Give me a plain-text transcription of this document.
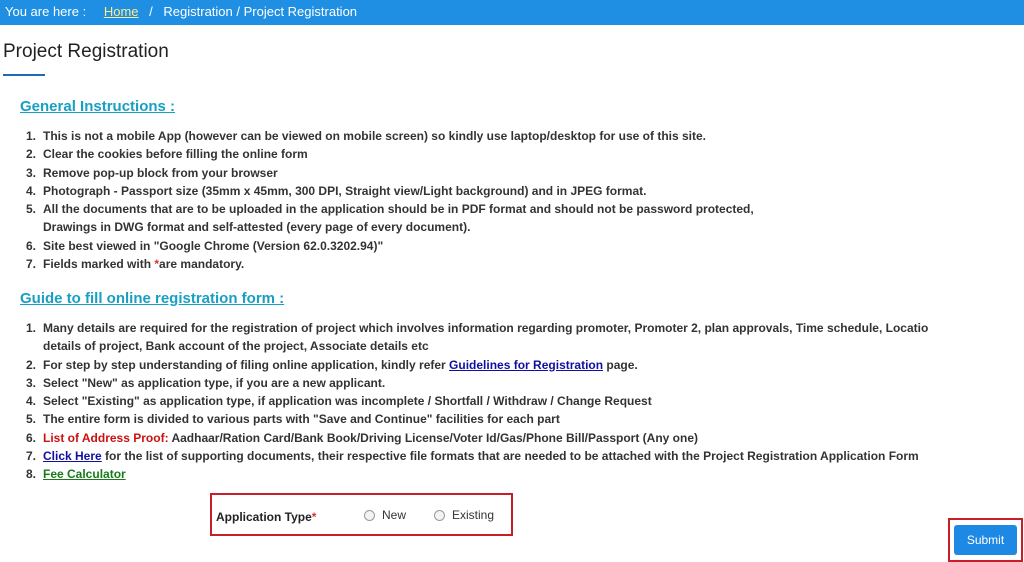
You are here : Home / Registration / Project Registration
Project Registration
General Instructions :
1. This is not a mobile App (however can be viewed on mobile screen) so kindly use laptop/desktop for use of this site.
2. Clear the cookies before filling the online form
3. Remove pop-up block from your browser
4. Photograph - Passport size (35mm x 45mm, 300 DPI, Straight view/Light background) and in JPEG format.
5. All the documents that are to be uploaded in the application should be in PDF format and should not be password protected,
Drawings in DWG format and self-attested (every page of every document).
6. Site best viewed in "Google Chrome (Version 62.0.3202.94)"
7. Fields marked with *are mandatory.
Guide to fill online registration form :
1. Many details are required for the registration of project which involves information regarding promoter, Promoter 2, plan approvals, Time schedule, Locatio
details of project, Bank account of the project, Associate details etc
2. For step by step understanding of filing online application, kindly refer Guidelines for Registration page.
3. Select "New" as application type, if you are a new applicant.
4. Select "Existing" as application type, if application was incomplete / Shortfall / Withdraw / Change Request
5. The entire form is divided to various parts with "Save and Continue" facilities for each part
6. List of Address Proof: Aadhaar/Ration Card/Bank Book/Driving License/Voter Id/Gas/Phone Bill/Passport (Any one)
7. Click Here for the list of supporting documents, their respective file formats that are needed to be attached with the Project Registration Application Form
8. Fee Calculator
Application Type*	New	Existing
Submit
